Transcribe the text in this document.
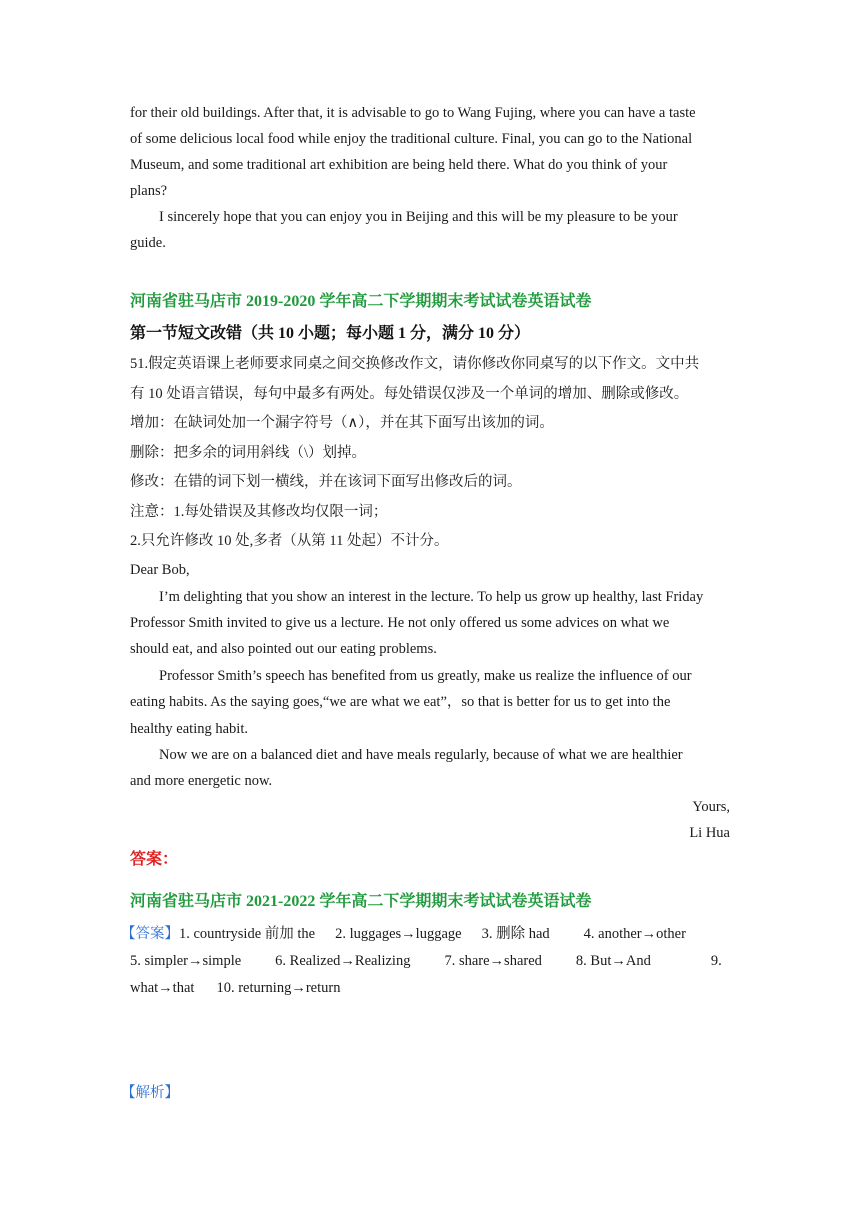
for their old buildings. After that, it is advisable to go to Wang Fujing, where you can have a taste

of some delicious local food while enjoy the traditional culture. Final, you can go to the National

Museum, and some traditional art exhibition are being held there. What do you think of your

plans?

I sincerely hope that you can enjoy you in Beijing and this will be my pleasure to be your

guide.

河南省驻马店市 2019-2020 学年高二下学期期末考试试卷英语试卷

第一节短文改错（共 10 小题；每小题 1 分，满分 10 分）

51.假定英语课上老师要求同桌之间交换修改作文，请你修改你同桌写的以下作文。文中共

有 10 处语言错误，每句中最多有两处。每处错误仅涉及一个单词的增加、删除或修改。

增加：在缺词处加一个漏字符号（∧），并在其下面写出该加的词。

删除：把多余的词用斜线（\）划掉。

修改：在错的词下划一横线，并在该词下面写出修改后的词。

注意：1.每处错误及其修改均仅限一词；

2.只允许修改 10 处,多者（从第 11 处起）不计分。

Dear Bob,

I’m delighting that you show an interest in the lecture. To help us grow up healthy, last Friday

Professor Smith invited to give us a lecture. He not only offered us some advices on what we

should eat, and also pointed out our eating problems.

Professor Smith’s speech has benefited from us greatly, make us realize the influence of our

eating habits. As the saying goes,“we are what we eat”，so that is better for us to get into the

healthy eating habit.

Now we are on a balanced diet and have meals regularly, because of what we are healthier

and more energetic now.

Yours,

Li Hua

答案：

河南省驻马店市 2021-2022 学年高二下学期期末考试试卷英语试卷

【答案】1. countryside 前加 the 2. luggages→luggage 3. 删除 had 4. another→other

5. simpler→simple 6. Realized→Realizing 7. share→shared 8. But→And	9.

what→that 10. returning→return

【解析】
